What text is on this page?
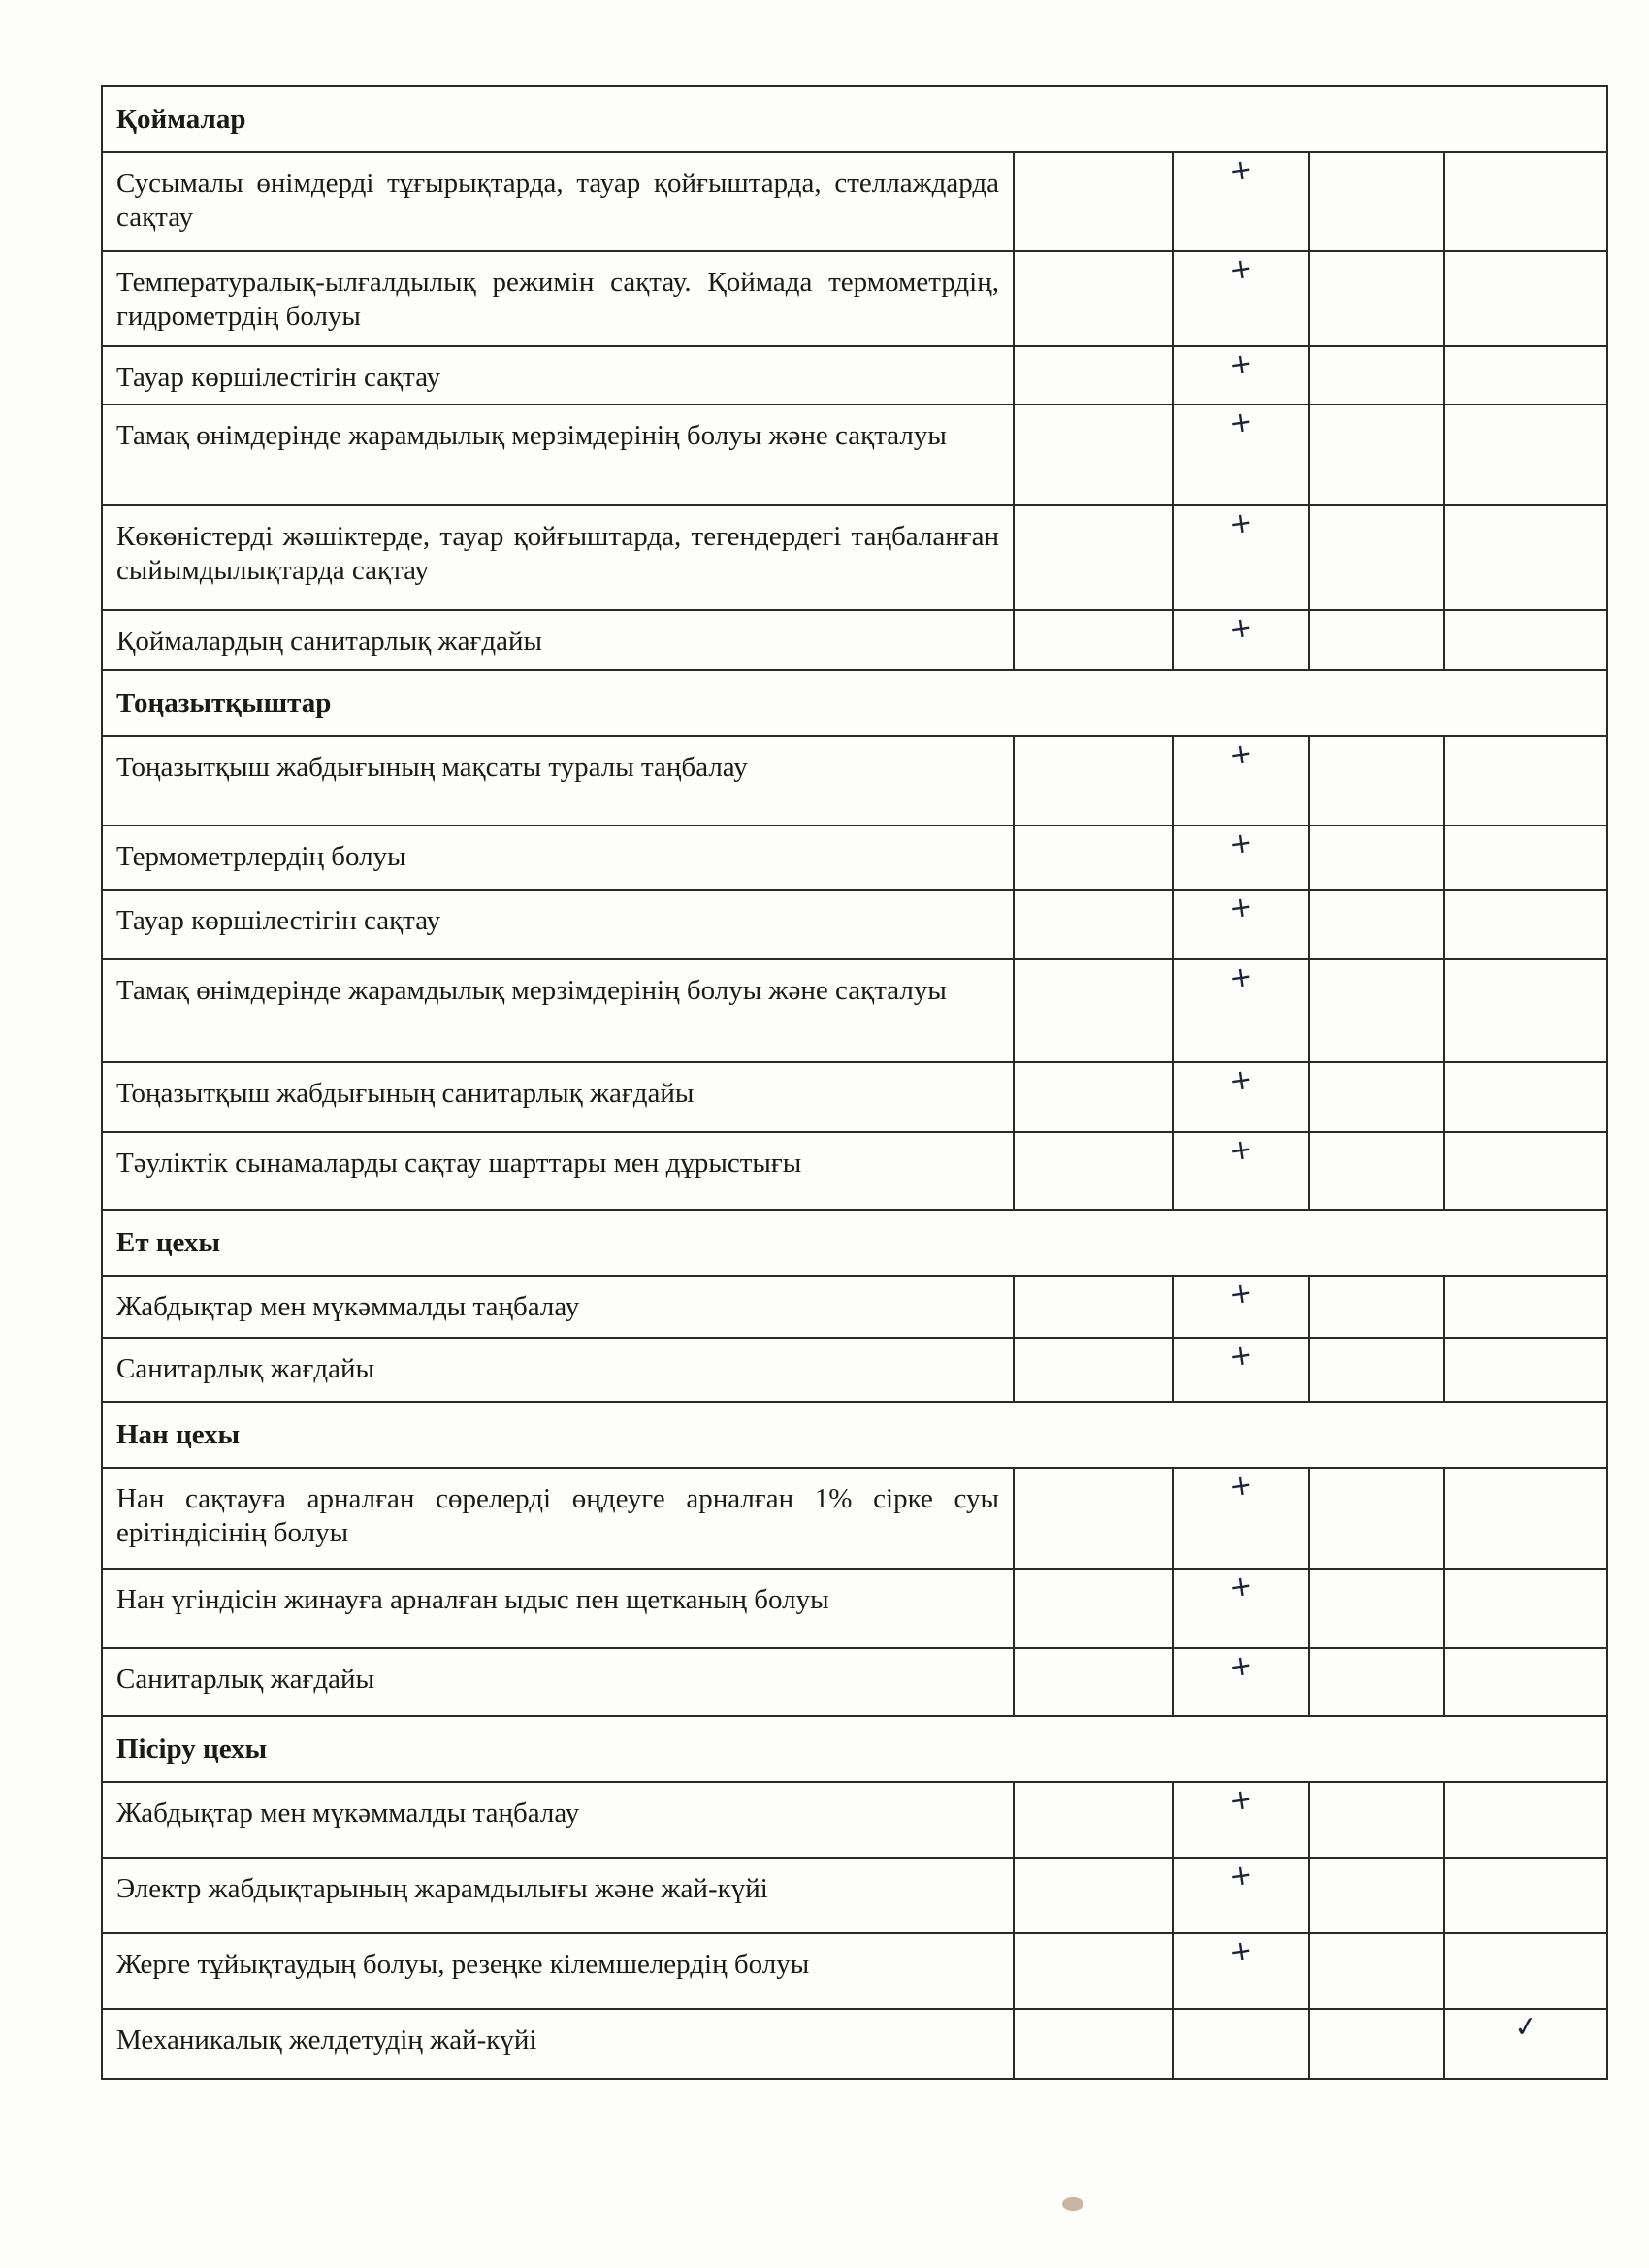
Қоймалар				
Сусымалы өнімдерді тұғырықтарда, тауар қойғыштарда, стеллаждарда сақтау		+		
Температуралық-ылғалдылық режимін сақтау. Қоймада термометрдің, гидрометрдің болуы		+		
Тауар көршілестігін сақтау		+		
Тамақ өнімдерінде жарамдылық мерзімдерінің болуы және сақталуы		+		
Көкөністерді жәшіктерде, тауар қойғыштарда, тегендердегі таңбаланған сыйымдылықтарда сақтау		+		
Қоймалардың санитарлық жағдайы		+		
Тоңазытқыштар				
Тоңазытқыш жабдығының мақсаты туралы таңбалау		+		
Термометрлердің болуы		+		
Тауар көршілестігін сақтау		+		
Тамақ өнімдерінде жарамдылық мерзімдерінің болуы және сақталуы		+		
Тоңазытқыш жабдығының санитарлық жағдайы		+		
Тәуліктік сынамаларды сақтау шарттары мен дұрыстығы		+		
Ет цехы				
Жабдықтар мен мүкәммалды таңбалау		+		
Санитарлық жағдайы		+		
Нан цехы				
Нан сақтауға арналған сөрелерді өңдеуге арналған 1% сірке суы ерітіндісінің болуы		+		
Нан үгіндісін жинауға арналған ыдыс пен щетканың болуы		+		
Санитарлық жағдайы		+		
Пісіру цехы				
Жабдықтар мен мүкәммалды таңбалау		+		
Электр жабдықтарының жарамдылығы және жай-күйі		+		
Жерге тұйықтаудың болуы, резеңке кілемшелердің болуы		+		
Механикалық желдетудің жай-күйі				✓
